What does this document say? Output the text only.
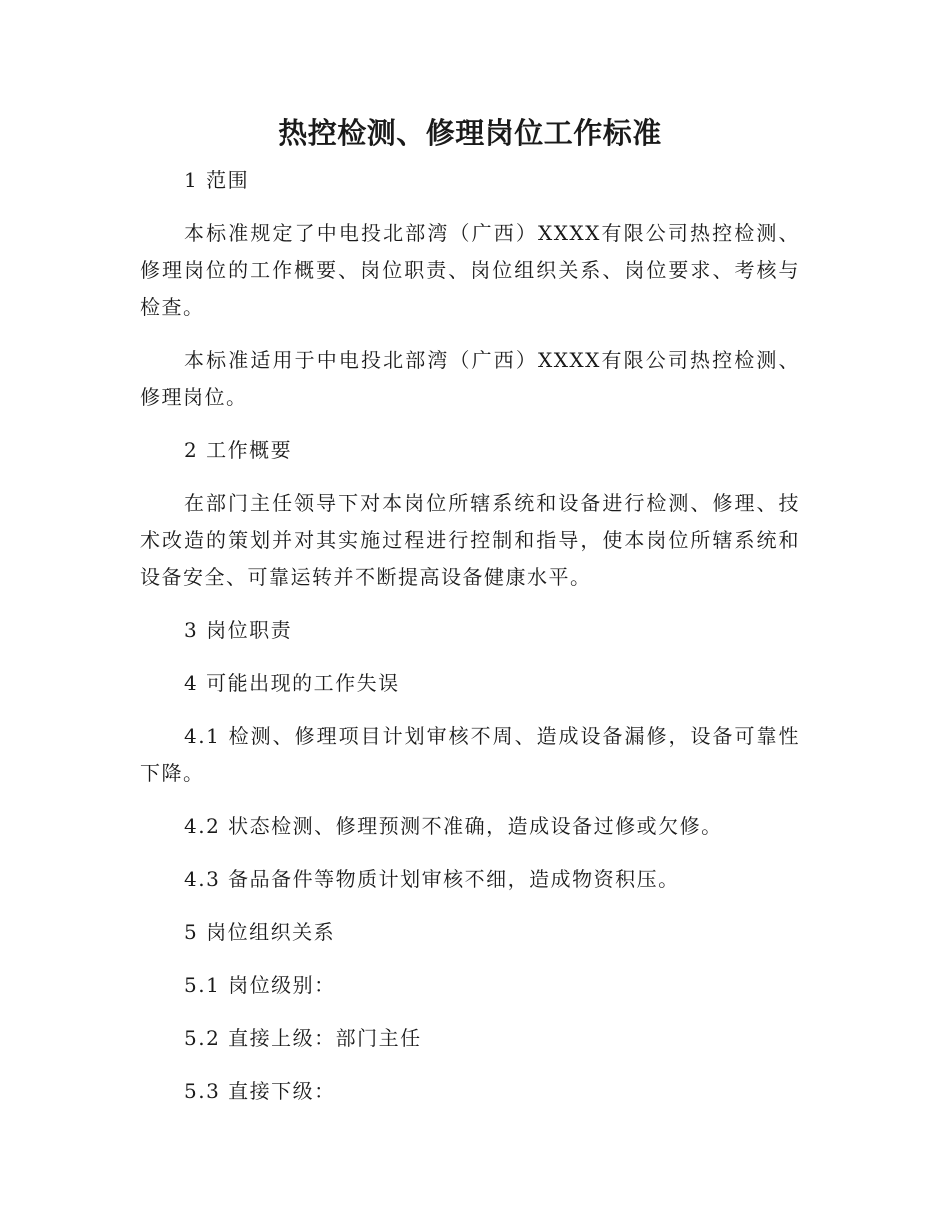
热控检测、修理岗位工作标准

1 范围

本标准规定了中电投北部湾（广西）XXXX有限公司热控检测、修理岗位的工作概要、岗位职责、岗位组织关系、岗位要求、考核与检查。

本标准适用于中电投北部湾（广西）XXXX有限公司热控检测、修理岗位。

2 工作概要

在部门主任领导下对本岗位所辖系统和设备进行检测、修理、技术改造的策划并对其实施过程进行控制和指导，使本岗位所辖系统和设备安全、可靠运转并不断提高设备健康水平。

3 岗位职责

4 可能出现的工作失误

4.1 检测、修理项目计划审核不周、造成设备漏修，设备可靠性下降。

4.2 状态检测、修理预测不准确，造成设备过修或欠修。

4.3 备品备件等物质计划审核不细，造成物资积压。

5 岗位组织关系

5.1 岗位级别：

5.2 直接上级：部门主任

5.3 直接下级：
